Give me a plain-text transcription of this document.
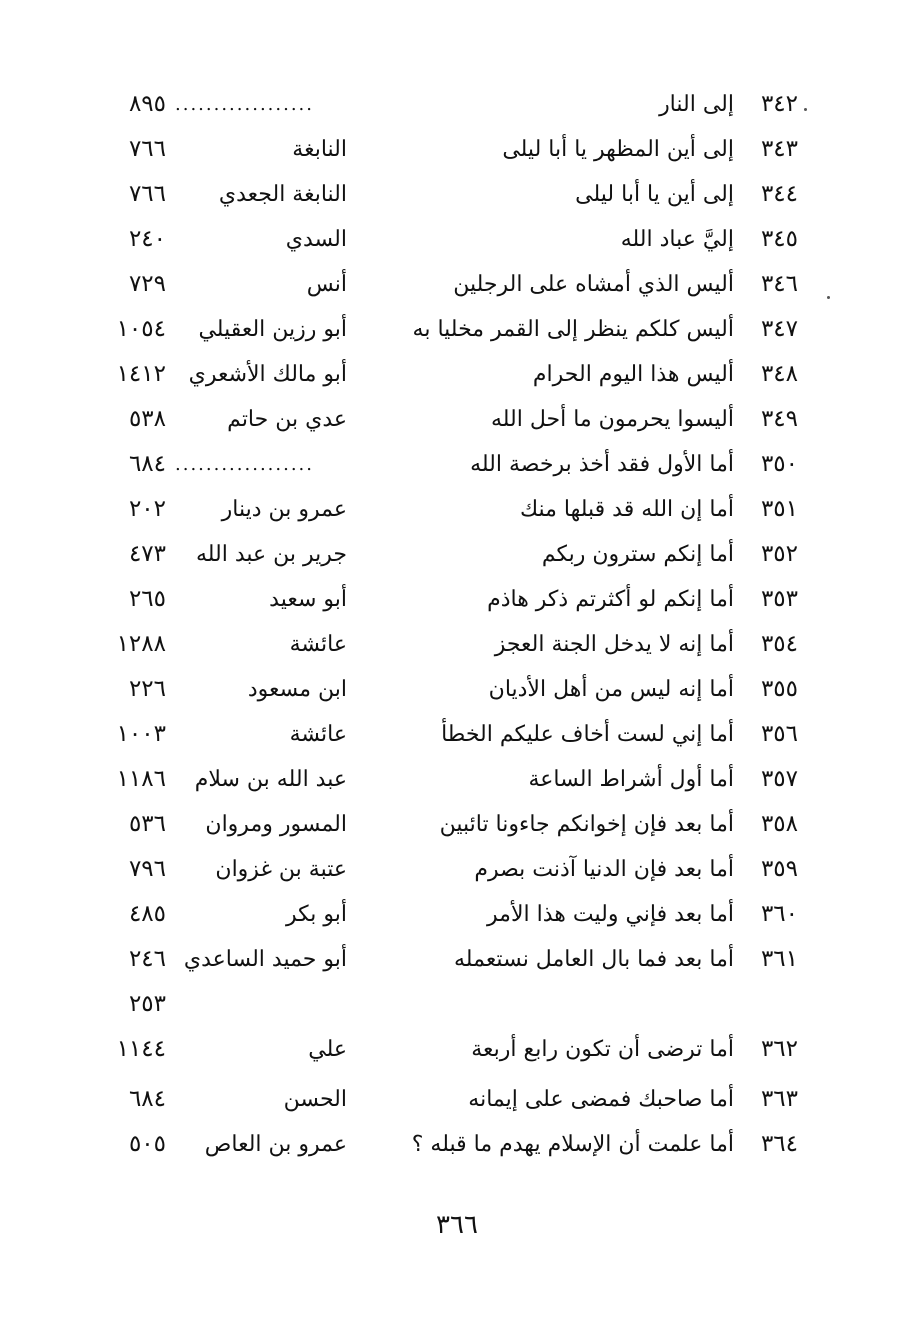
٣٤٢
إلى النار
..................
٨٩٥
٣٤٣
إلى أين المظهر يا أبا ليلى
النابغة
٧٦٦
٣٤٤
إلى أين يا أبا ليلى
النابغة الجعدي
٧٦٦
٣٤٥
إليَّ عباد الله
السدي
٢٤٠
٣٤٦
أليس الذي أمشاه على الرجلين
أنس
٧٢٩
٣٤٧
أليس كلكم ينظر إلى القمر مخليا به
أبو رزين العقيلي
١٠٥٤
٣٤٨
أليس هذا اليوم الحرام
أبو مالك الأشعري
١٤١٢
٣٤٩
أليسوا يحرمون ما أحل الله
عدي بن حاتم
٥٣٨
٣٥٠
أما الأول فقد أخذ برخصة الله
..................
٦٨٤
٣٥١
أما إن الله قد قبلها منك
عمرو بن دينار
٢٠٢
٣٥٢
أما إنكم سترون ربكم
جرير بن عبد الله
٤٧٣
٣٥٣
أما إنكم لو أكثرتم ذكر هاذم
أبو سعيد
٢٦٥
٣٥٤
أما إنه لا يدخل الجنة العجز
عائشة
١٢٨٨
٣٥٥
أما إنه ليس من أهل الأديان
ابن مسعود
٢٢٦
٣٥٦
أما إني لست أخاف عليكم الخطأ
عائشة
١٠٠٣
٣٥٧
أما أول أشراط الساعة
عبد الله بن سلام
١١٨٦
٣٥٨
أما بعد فإن إخوانكم جاءونا تائبين
المسور ومروان
٥٣٦
٣٥٩
أما بعد فإن الدنيا آذنت بصرم
عتبة بن غزوان
٧٩٦
٣٦٠
أما بعد فإني وليت هذا الأمر
أبو بكر
٤٨٥
٣٦١
أما بعد فما بال العامل نستعمله
أبو حميد الساعدي
٢٤٦
٢٥٣
٣٦٢
أما ترضى أن تكون رابع أربعة
علي
١١٤٤
٣٦٣
أما صاحبك فمضى على إيمانه
الحسن
٦٨٤
٣٦٤
أما علمت أن الإسلام يهدم ما قبله ؟
عمرو بن العاص
٥٠٥
٣٦٦
